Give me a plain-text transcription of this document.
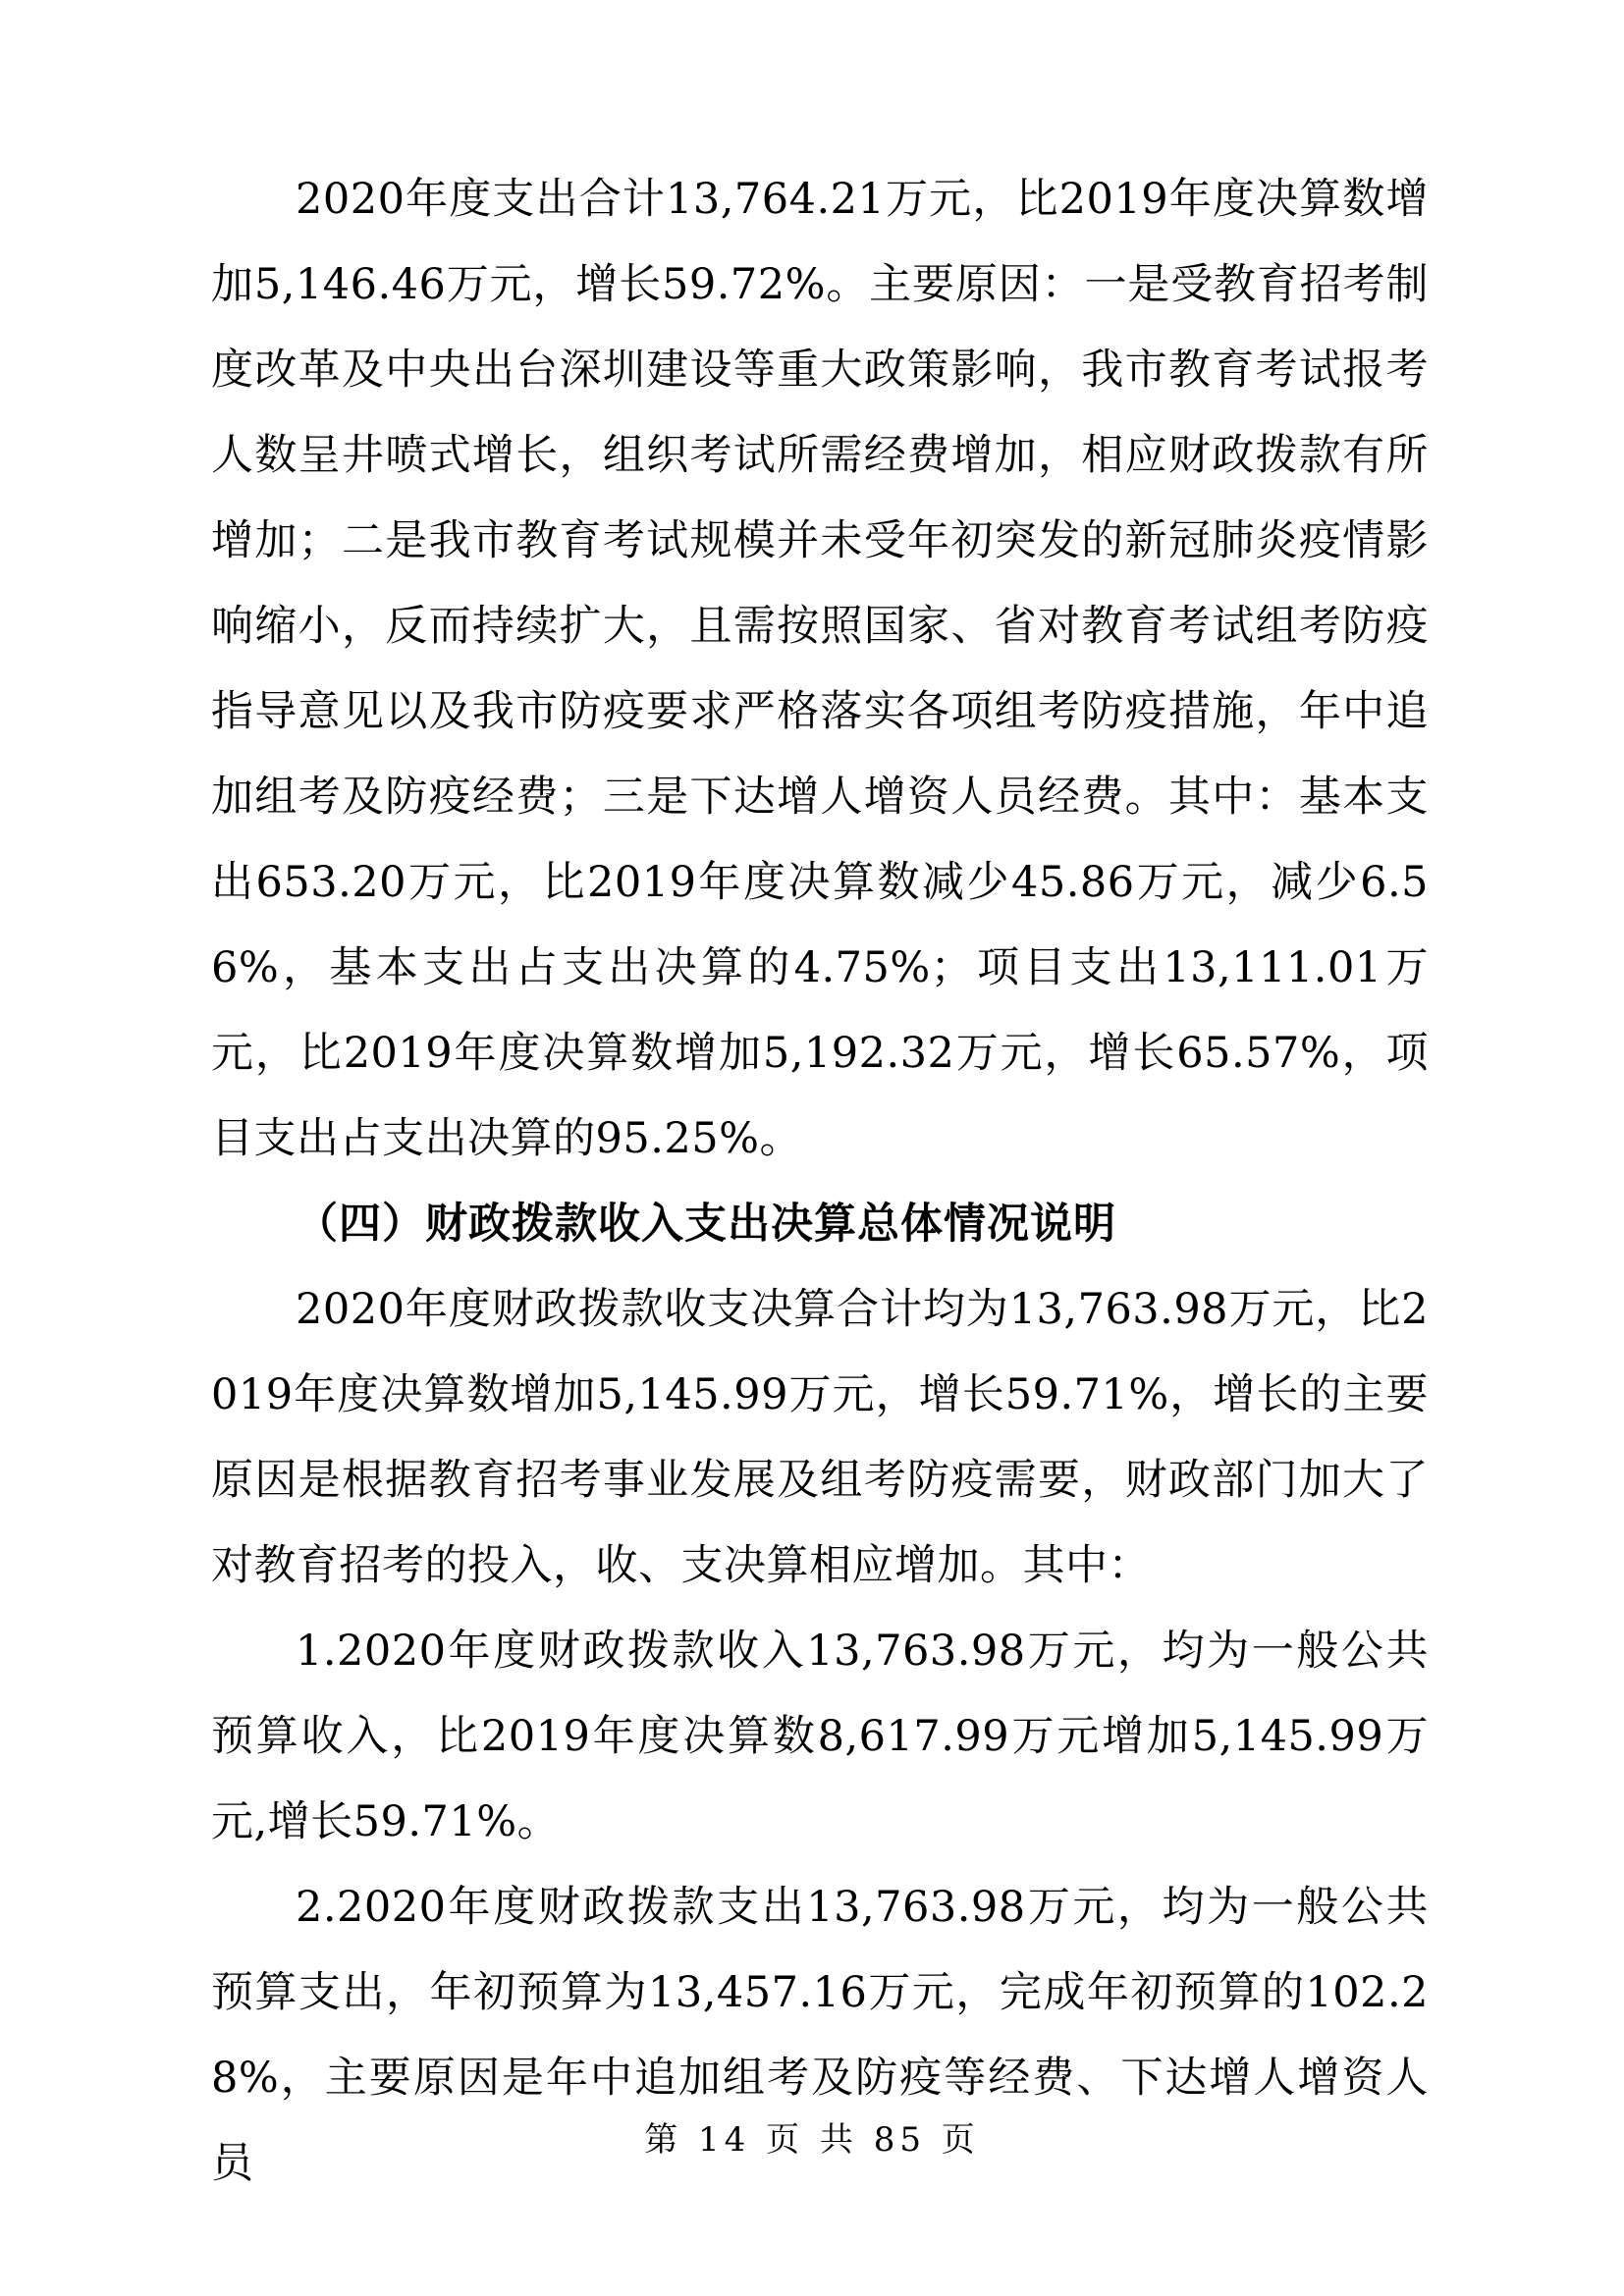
2020年度支出合计13,764.21万元，比2019年度决算数增加5,146.46万元，增长59.72%。主要原因：一是受教育招考制度改革及中央出台深圳建设等重大政策影响，我市教育考试报考人数呈井喷式增长，组织考试所需经费增加，相应财政拨款有所增加；二是我市教育考试规模并未受年初突发的新冠肺炎疫情影响缩小，反而持续扩大，且需按照国家、省对教育考试组考防疫指导意见以及我市防疫要求严格落实各项组考防疫措施，年中追加组考及防疫经费；三是下达增人增资人员经费。其中：基本支出653.20万元，比2019年度决算数减少45.86万元，减少6.56%，基本支出占支出决算的4.75%；项目支出13,111.01万元，比2019年度决算数增加5,192.32万元，增长65.57%，项目支出占支出决算的95.25%。

（四）财政拨款收入支出决算总体情况说明

2020年度财政拨款收支决算合计均为13,763.98万元，比2019年度决算数增加5,145.99万元，增长59.71%，增长的主要原因是根据教育招考事业发展及组考防疫需要，财政部门加大了对教育招考的投入，收、支决算相应增加。其中：

1.2020年度财政拨款收入13,763.98万元，均为一般公共预算收入，比2019年度决算数8,617.99万元增加5,145.99万元,增长59.71%。

2.2020年度财政拨款支出13,763.98万元，均为一般公共预算支出，年初预算为13,457.16万元，完成年初预算的102.28%，主要原因是年中追加组考及防疫等经费、下达增人增资人员	第 14 页 共 85 页
